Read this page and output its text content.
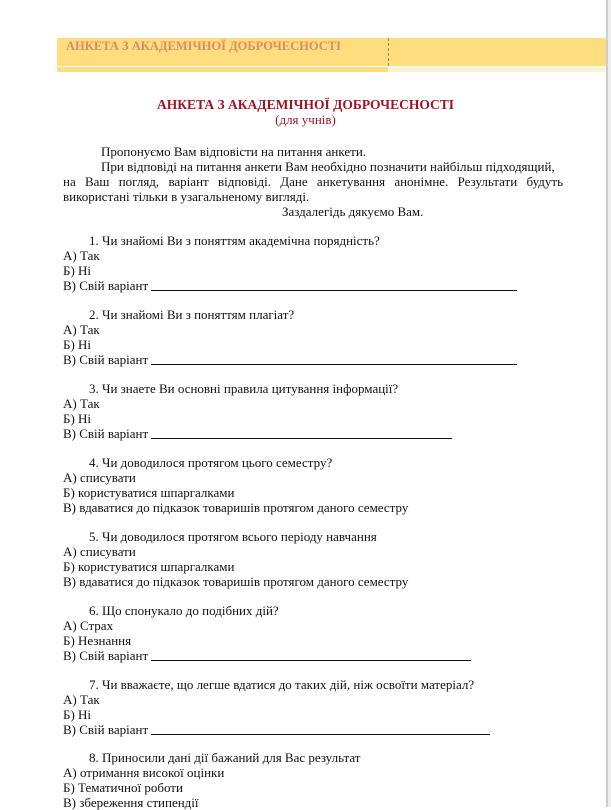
АНКЕТА З АКАДЕМІЧНОЇ ДОБРОЧЕСНОСТІ
АНКЕТА З АКАДЕМІЧНОЇ ДОБРОЧЕСНОСТІ
(для учнів)
Пропонуємо Вам відповісти на питання анкети.
При відповіді на питання анкети Вам необхідно позначити найбільш підходящий,
на Ваш погляд, варіант відповіді. Дане анкетування анонімне. Результати будуть
використані тільки в узагальненому вигляді.
Заздалегідь дякуємо Вам.
1. Чи знайомі Ви з поняттям академічна порядність?
А) Так
Б) Ні
В) Свій варіант
2. Чи знайомі Ви з поняттям плагіат?
А) Так
Б) Ні
В) Свій варіант
3. Чи знаете Ви основні правила цитування інформації?
А) Так
Б) Ні
В) Свій варіант
4. Чи доводилося протягом цього семестру?
А) списувати
Б) користуватися шпаргалками
В) вдаватися до підказок товаришів протягом даного семестру
5. Чи доводилося протягом всього періоду навчання
А) списувати
Б) користуватися шпаргалками
В) вдаватися до підказок товаришів протягом даного семестру
6. Що спонукало до подібних дій?
А) Страх
Б) Незнання
В) Свій варіант
7. Чи вважаєте, що легше вдатися до таких дій, ніж освоїти матеріал?
А) Так
Б) Ні
В) Свій варіант
8. Приносили дані дії бажаний для Вас результат
А) отримання високої оцінки
Б) Тематичної роботи
В) збереження стипендії
